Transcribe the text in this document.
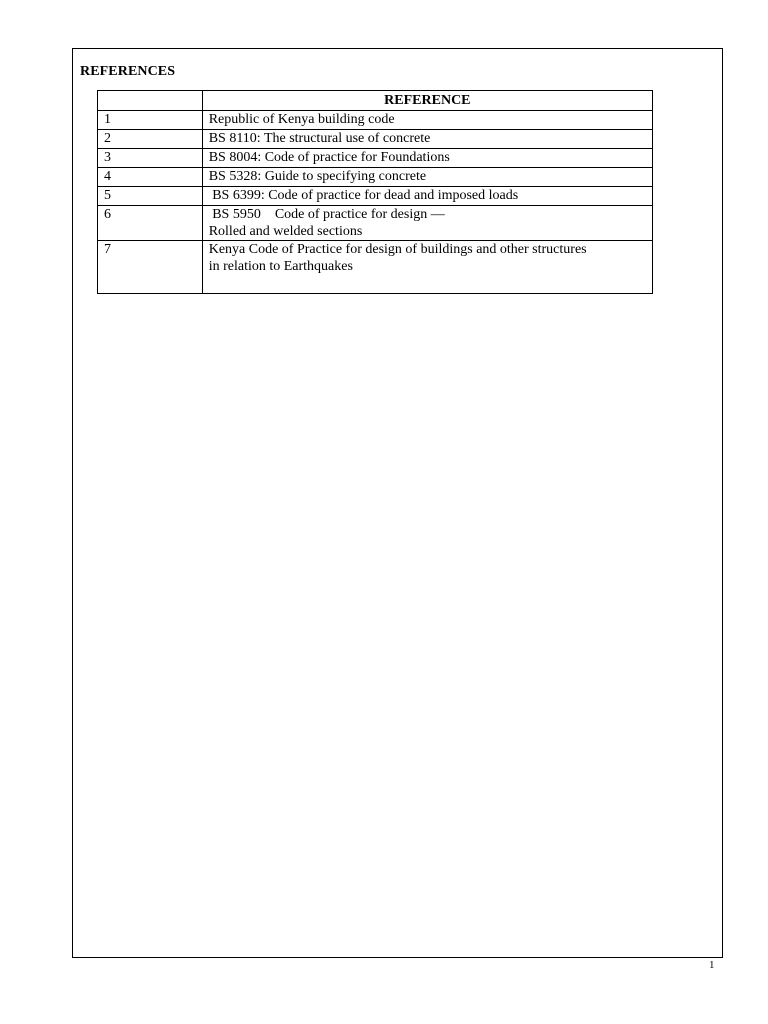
REFERENCES
	REFERENCE
1	Republic of Kenya building code
2	BS 8110: The structural use of concrete
3	BS 8004: Code of practice for Foundations
4	BS 5328: Guide to specifying concrete
5	BS 6399: Code of practice for dead and imposed loads
6	BS 5950    Code of practice for design —
Rolled and welded sections

7	Kenya Code of Practice for design of buildings and other structures
in relation to Earthquakes
1
